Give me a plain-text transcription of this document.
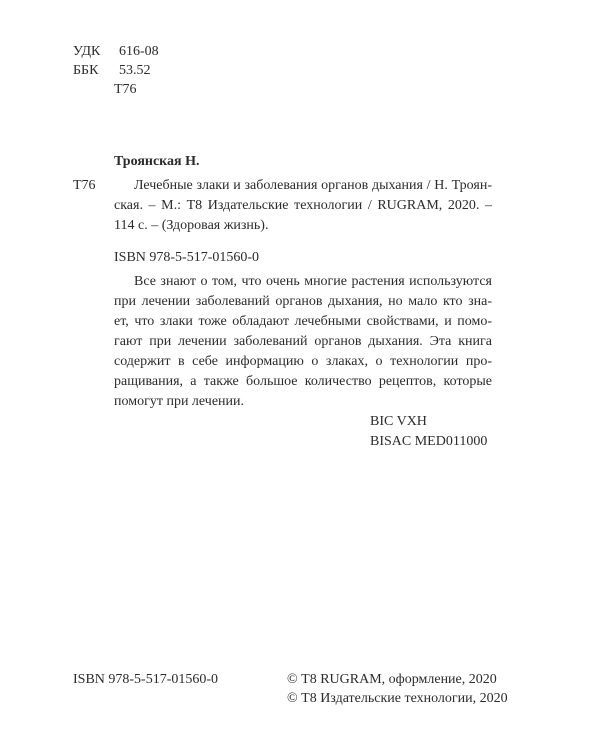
УДК 616-08
ББК 53.52
Т76
Троянская Н.
Т76	Лечебные злаки и заболевания органов дыхания / Н. Троян-
ская. – М.: Т8 Издательские технологии / RUGRAM, 2020. –
114 с. – (Здоровая жизнь).
ISBN 978-5-517-01560-0
Все знают о том, что очень многие растения используются
при лечении заболеваний органов дыхания, но мало кто зна-
ет, что злаки тоже обладают лечебными свойствами, и помо-
гают при лечении заболеваний органов дыхания. Эта книга
содержит в себе информацию о злаках, о технологии про-
ращивания, а также большое количество рецептов, которые
помогут при лечении.
BIC VXH
BISAC MED011000
ISBN 978-5-517-01560-0	© Т8 RUGRAM, оформление, 2020
© Т8 Издательские технологии, 2020
